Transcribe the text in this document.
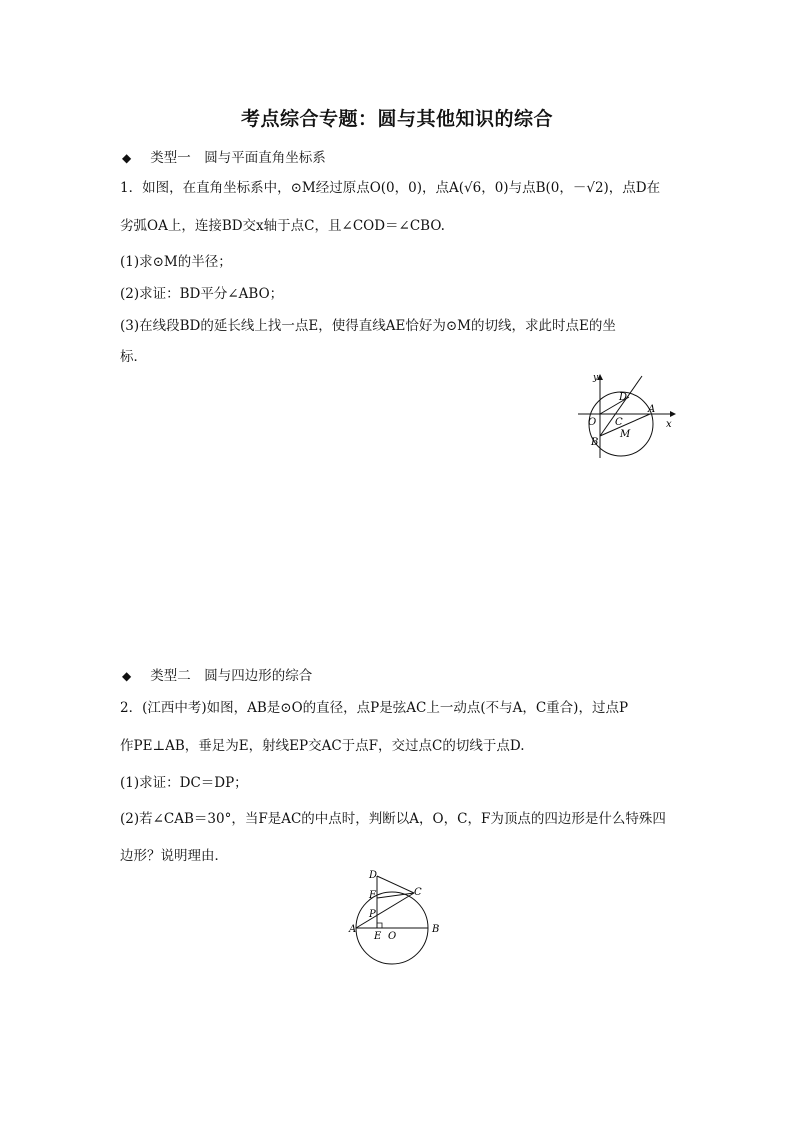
考点综合专题：圆与其他知识的综合
◆ 类型一　圆与平面直角坐标系
1．如图，在直角坐标系中，⊙M经过原点O(0，0)，点A(√6，0)与点B(0，－√2)，点D在
劣弧OA上，连接BD交x轴于点C，且∠COD＝∠CBO.
(1)求⊙M的半径；
(2)求证：BD平分∠ABO；
(3)在线段BD的延长线上找一点E，使得直线AE恰好为⊙M的切线，求此时点E的坐
标．
y
x
D
A
O C
M
B
◆ 类型二　圆与四边形的综合
2．(江西中考)如图，AB是⊙O的直径，点P是弦AC上一动点(不与A，C重合)，过点P
作PE⊥AB，垂足为E，射线EP交AC于点F，交过点C的切线于点D.
(1)求证：DC＝DP；
(2)若∠CAB＝30°，当F是AC的中点时，判断以A，O，C，F为顶点的四边形是什么特殊四
边形？说明理由．
D
F	C
P
A
E O
B
